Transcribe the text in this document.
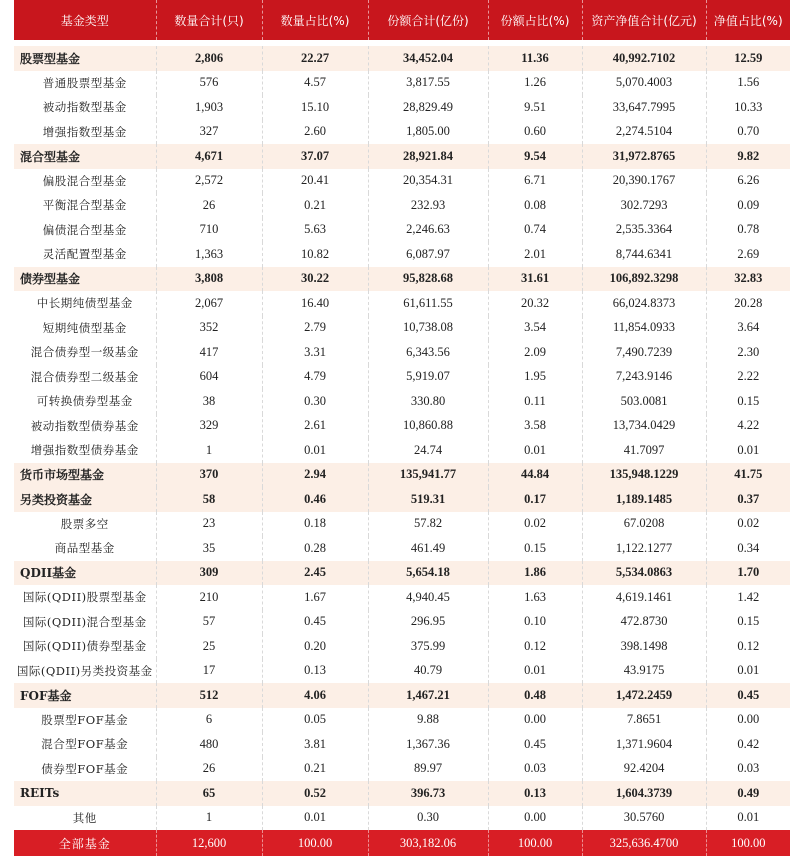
基金类型	数量合计(只)	数量占比(%)	份额合计(亿份)	份额占比(%)	资产净值合计(亿元)	净值占比(%)

股票型基金	2,806	22.27	34,452.04	11.36	40,992.7102	12.59
普通股票型基金	576	4.57	3,817.55	1.26	5,070.4003	1.56
被动指数型基金	1,903	15.10	28,829.49	9.51	33,647.7995	10.33
增强指数型基金	327	2.60	1,805.00	0.60	2,274.5104	0.70
混合型基金	4,671	37.07	28,921.84	9.54	31,972.8765	9.82
偏股混合型基金	2,572	20.41	20,354.31	6.71	20,390.1767	6.26
平衡混合型基金	26	0.21	232.93	0.08	302.7293	0.09
偏债混合型基金	710	5.63	2,246.63	0.74	2,535.3364	0.78
灵活配置型基金	1,363	10.82	6,087.97	2.01	8,744.6341	2.69
债券型基金	3,808	30.22	95,828.68	31.61	106,892.3298	32.83
中长期纯债型基金	2,067	16.40	61,611.55	20.32	66,024.8373	20.28
短期纯债型基金	352	2.79	10,738.08	3.54	11,854.0933	3.64
混合债券型一级基金	417	3.31	6,343.56	2.09	7,490.7239	2.30
混合债券型二级基金	604	4.79	5,919.07	1.95	7,243.9146	2.22
可转换债券型基金	38	0.30	330.80	0.11	503.0081	0.15
被动指数型债券基金	329	2.61	10,860.88	3.58	13,734.0429	4.22
增强指数型债券基金	1	0.01	24.74	0.01	41.7097	0.01
货币市场型基金	370	2.94	135,941.77	44.84	135,948.1229	41.75
另类投资基金	58	0.46	519.31	0.17	1,189.1485	0.37
股票多空	23	0.18	57.82	0.02	67.0208	0.02
商品型基金	35	0.28	461.49	0.15	1,122.1277	0.34
QDII基金	309	2.45	5,654.18	1.86	5,534.0863	1.70
国际(QDII)股票型基金	210	1.67	4,940.45	1.63	4,619.1461	1.42
国际(QDII)混合型基金	57	0.45	296.95	0.10	472.8730	0.15
国际(QDII)债券型基金	25	0.20	375.99	0.12	398.1498	0.12
国际(QDII)另类投资基金	17	0.13	40.79	0.01	43.9175	0.01
FOF基金	512	4.06	1,467.21	0.48	1,472.2459	0.45
股票型FOF基金	6	0.05	9.88	0.00	7.8651	0.00
混合型FOF基金	480	3.81	1,367.36	0.45	1,371.9604	0.42
债券型FOF基金	26	0.21	89.97	0.03	92.4204	0.03
REITs	65	0.52	396.73	0.13	1,604.3739	0.49
其他	1	0.01	0.30	0.00	30.5760	0.01
全部基金	12,600	100.00	303,182.06	100.00	325,636.4700	100.00
